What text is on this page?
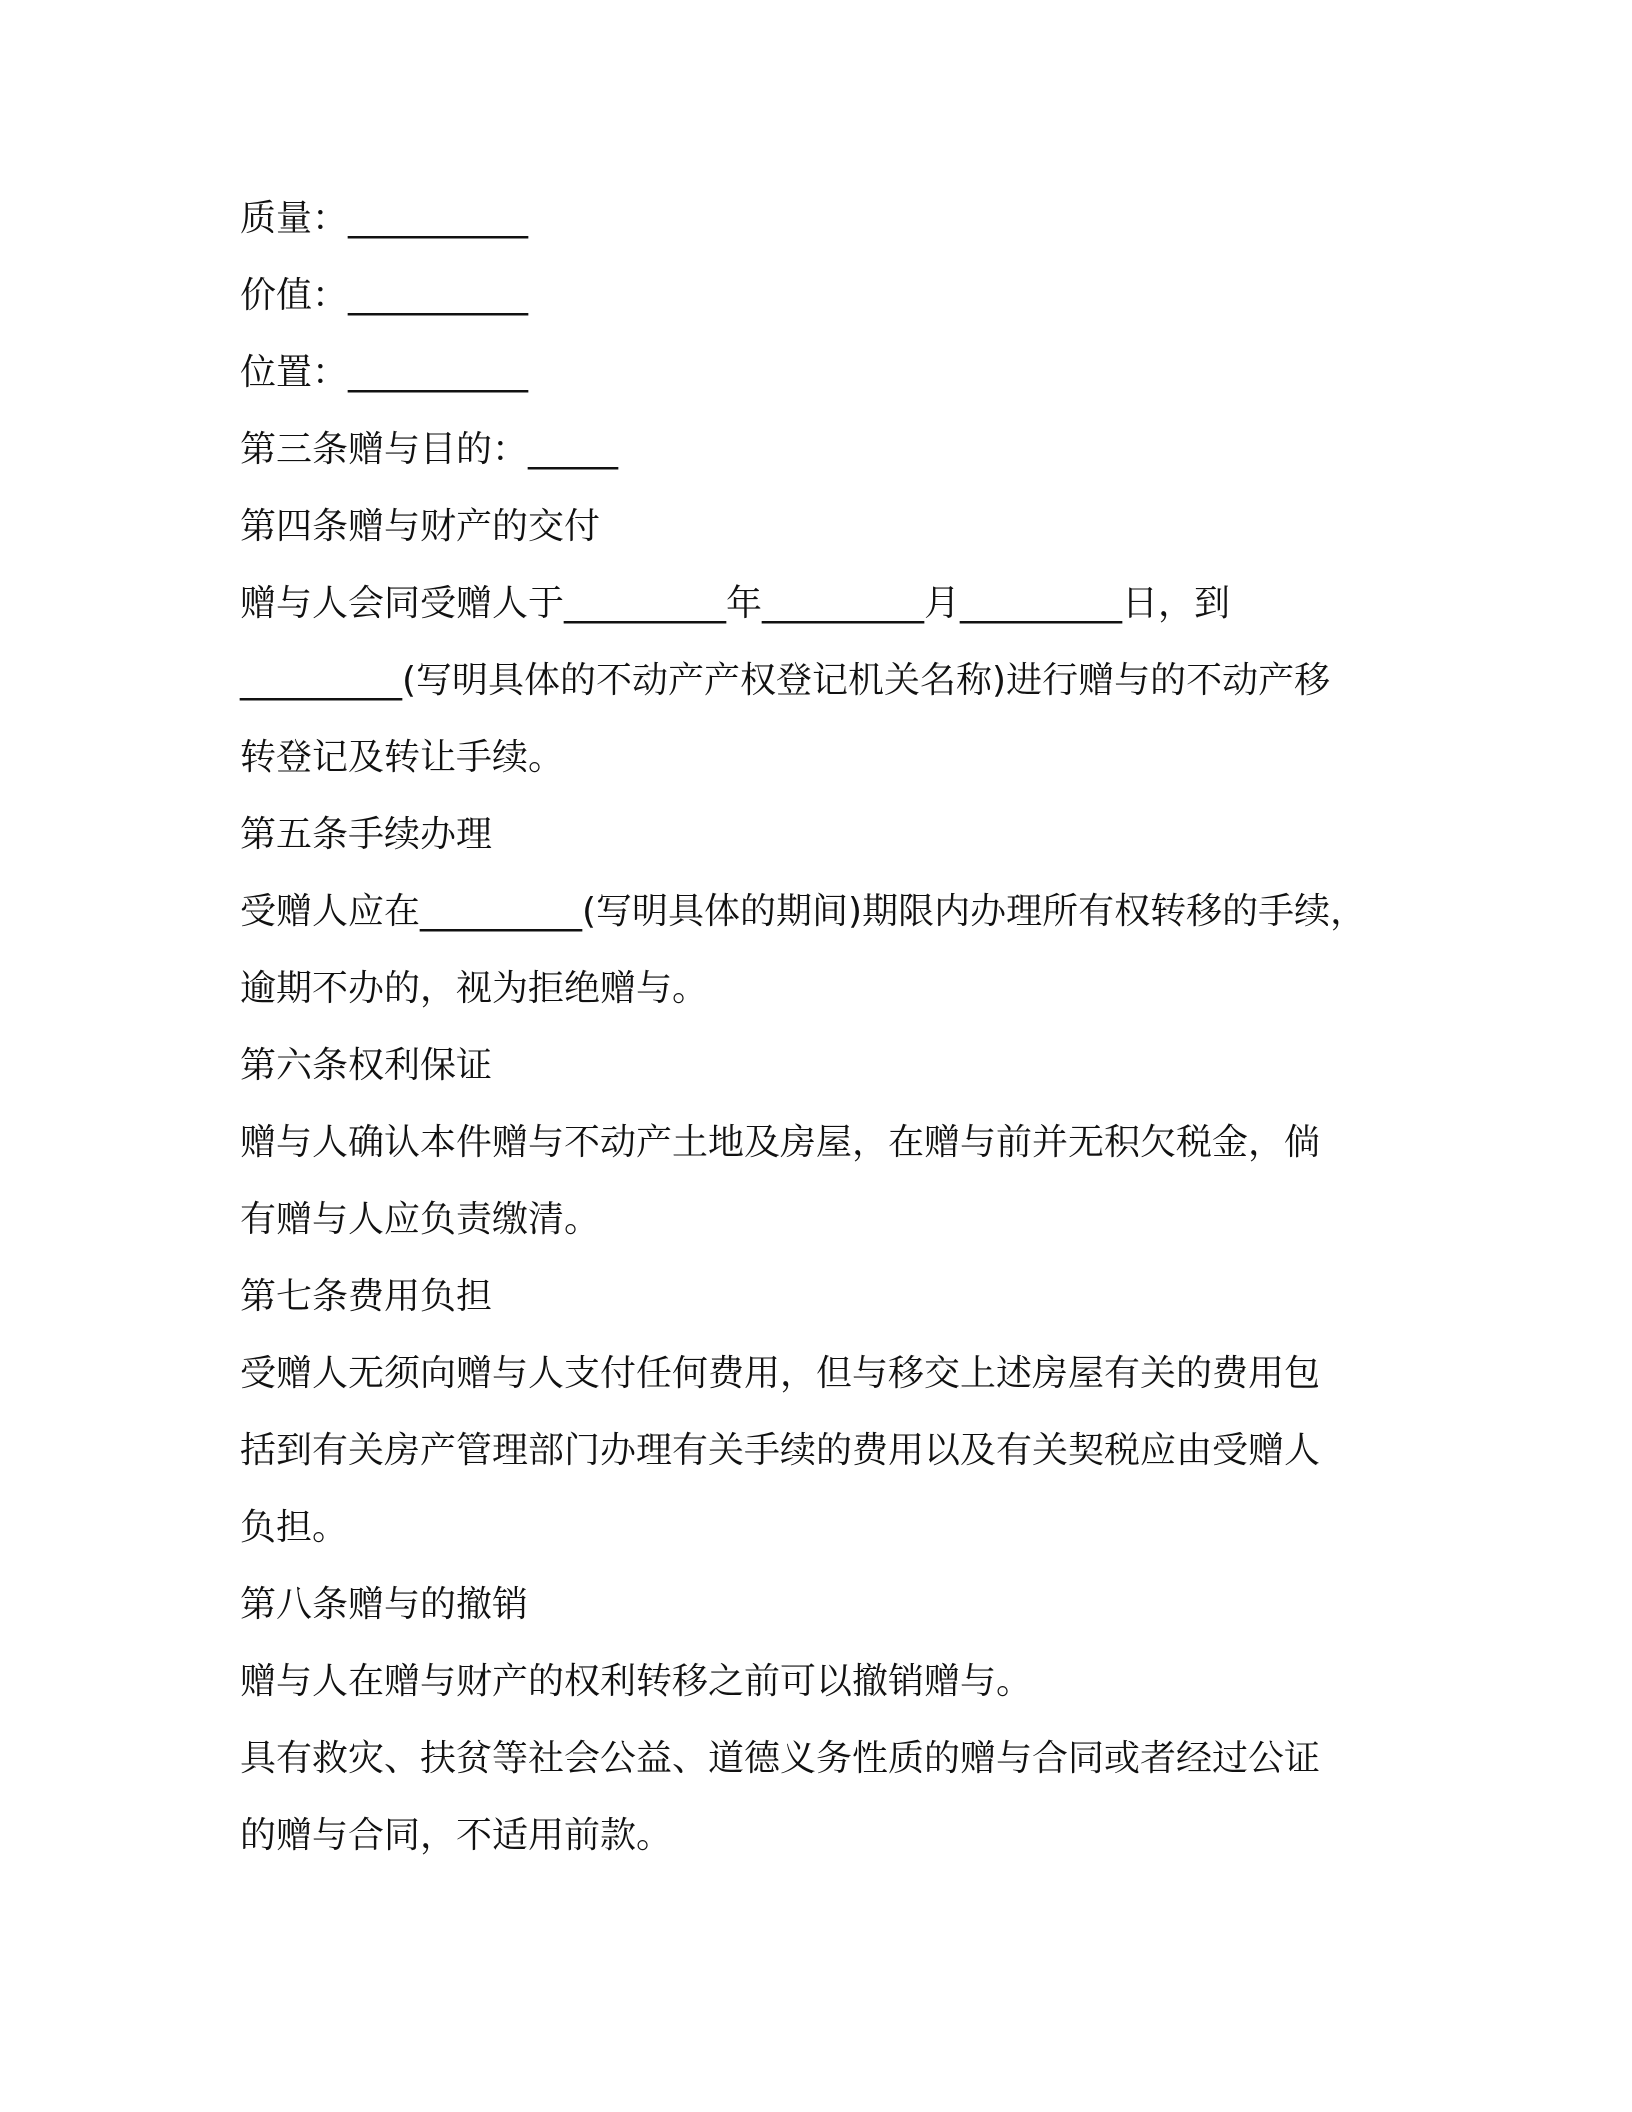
质量：__________
价值：__________
位置：__________
第三条赠与目的：_____
第四条赠与财产的交付
赠与人会同受赠人于_________年_________月_________日，到
_________(写明具体的不动产产权登记机关名称)进行赠与的不动产移
转登记及转让手续。
第五条手续办理
受赠人应在_________(写明具体的期间)期限内办理所有权转移的手续，
逾期不办的，视为拒绝赠与。
第六条权利保证
赠与人确认本件赠与不动产土地及房屋，在赠与前并无积欠税金，倘
有赠与人应负责缴清。
第七条费用负担
受赠人无须向赠与人支付任何费用，但与移交上述房屋有关的费用包
括到有关房产管理部门办理有关手续的费用以及有关契税应由受赠人
负担。
第八条赠与的撤销
赠与人在赠与财产的权利转移之前可以撤销赠与。
具有救灾、扶贫等社会公益、道德义务性质的赠与合同或者经过公证
的赠与合同，不适用前款。
